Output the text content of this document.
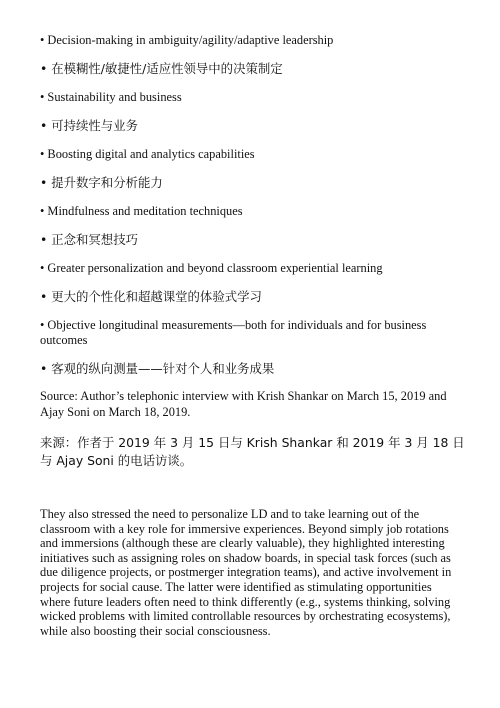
• Decision-making in ambiguity/agility/adaptive leadership

• 在模糊性/敏捷性/适应性领导中的决策制定

• Sustainability and business

• 可持续性与业务

• Boosting digital and analytics capabilities

• 提升数字和分析能力

• Mindfulness and meditation techniques

• 正念和冥想技巧

• Greater personalization and beyond classroom experiential learning

• 更大的个性化和超越课堂的体验式学习

• Objective longitudinal measurements—both for individuals and for business outcomes

• 客观的纵向测量——针对个人和业务成果

Source: Author’s telephonic interview with Krish Shankar on March 15, 2019 and Ajay Soni on March 18, 2019.

来源：作者于 2019 年 3 月 15 日与 Krish Shankar 和 2019 年 3 月 18 日与 Ajay Soni 的电话访谈。

They also stressed the need to personalize LD and to take learning out of the classroom with a key role for immersive experiences. Beyond simply job rotations and immersions (although these are clearly valuable), they highlighted interesting initiatives such as assigning roles on shadow boards, in special task forces (such as due diligence projects, or postmerger integration teams), and active involvement in projects for social cause. The latter were identified as stimulating opportunities where future leaders often need to think differently (e.g., systems thinking, solving wicked problems with limited controllable resources by orchestrating ecosystems), while also boosting their social consciousness.
